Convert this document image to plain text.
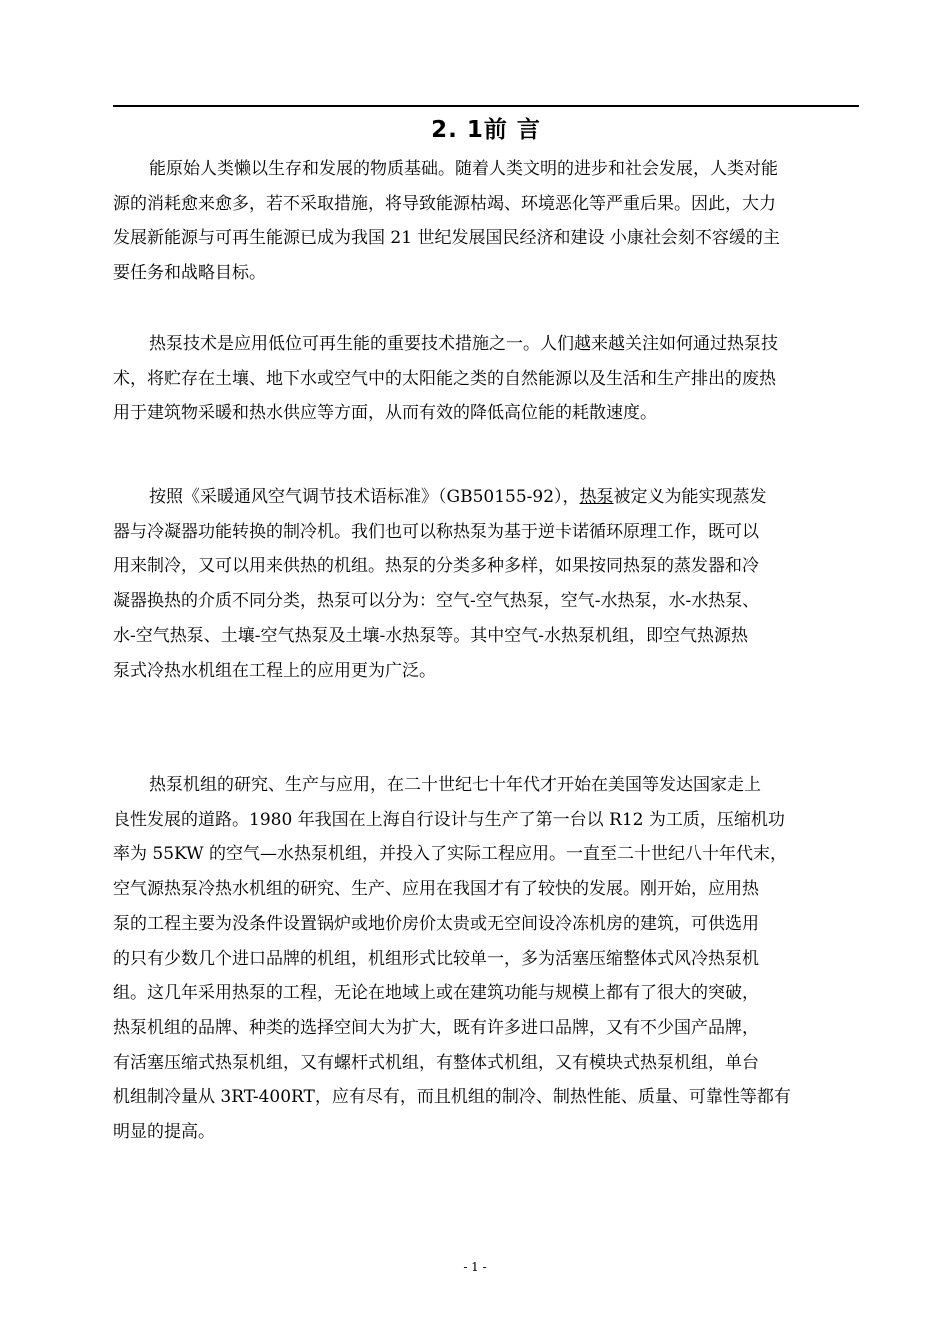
2. 1前 言
能原始人类懒以生存和发展的物质基础。随着人类文明的进步和社会发展，人类对能
源的消耗愈来愈多，若不采取措施，将导致能源枯竭、环境恶化等严重后果。因此，大力
发展新能源与可再生能源已成为我国 21 世纪发展国民经济和建设 小康社会刻不容缓的主
要任务和战略目标。
热泵技术是应用低位可再生能的重要技术措施之一。人们越来越关注如何通过热泵技
术，将贮存在土壤、地下水或空气中的太阳能之类的自然能源以及生活和生产排出的废热
用于建筑物采暖和热水供应等方面，从而有效的降低高位能的耗散速度。
按照《采暖通风空气调节技术语标准》（GB50155-92），热泵被定义为能实现蒸发
器与冷凝器功能转换的制冷机。我们也可以称热泵为基于逆卡诺循环原理工作，既可以
用来制冷，又可以用来供热的机组。热泵的分类多种多样，如果按同热泵的蒸发器和冷
凝器换热的介质不同分类，热泵可以分为：空气-空气热泵，空气-水热泵，水-水热泵、
水-空气热泵、土壤-空气热泵及土壤-水热泵等。其中空气-水热泵机组，即空气热源热
泵式冷热水机组在工程上的应用更为广泛。
热泵机组的研究、生产与应用，在二十世纪七十年代才开始在美国等发达国家走上
良性发展的道路。1980 年我国在上海自行设计与生产了第一台以 R12 为工质，压缩机功
率为 55KW 的空气—水热泵机组，并投入了实际工程应用。一直至二十世纪八十年代末，
空气源热泵冷热水机组的研究、生产、应用在我国才有了较快的发展。刚开始，应用热
泵的工程主要为没条件设置锅炉或地价房价太贵或无空间设冷冻机房的建筑，可供选用
的只有少数几个进口品牌的机组，机组形式比较单一，多为活塞压缩整体式风冷热泵机
组。这几年采用热泵的工程，无论在地域上或在建筑功能与规模上都有了很大的突破，
热泵机组的品牌、种类的选择空间大为扩大，既有许多进口品牌，又有不少国产品牌，
有活塞压缩式热泵机组，又有螺杆式机组，有整体式机组，又有模块式热泵机组，单台
机组制冷量从 3RT-400RT，应有尽有，而且机组的制冷、制热性能、质量、可靠性等都有
明显的提高。
- 1 -
